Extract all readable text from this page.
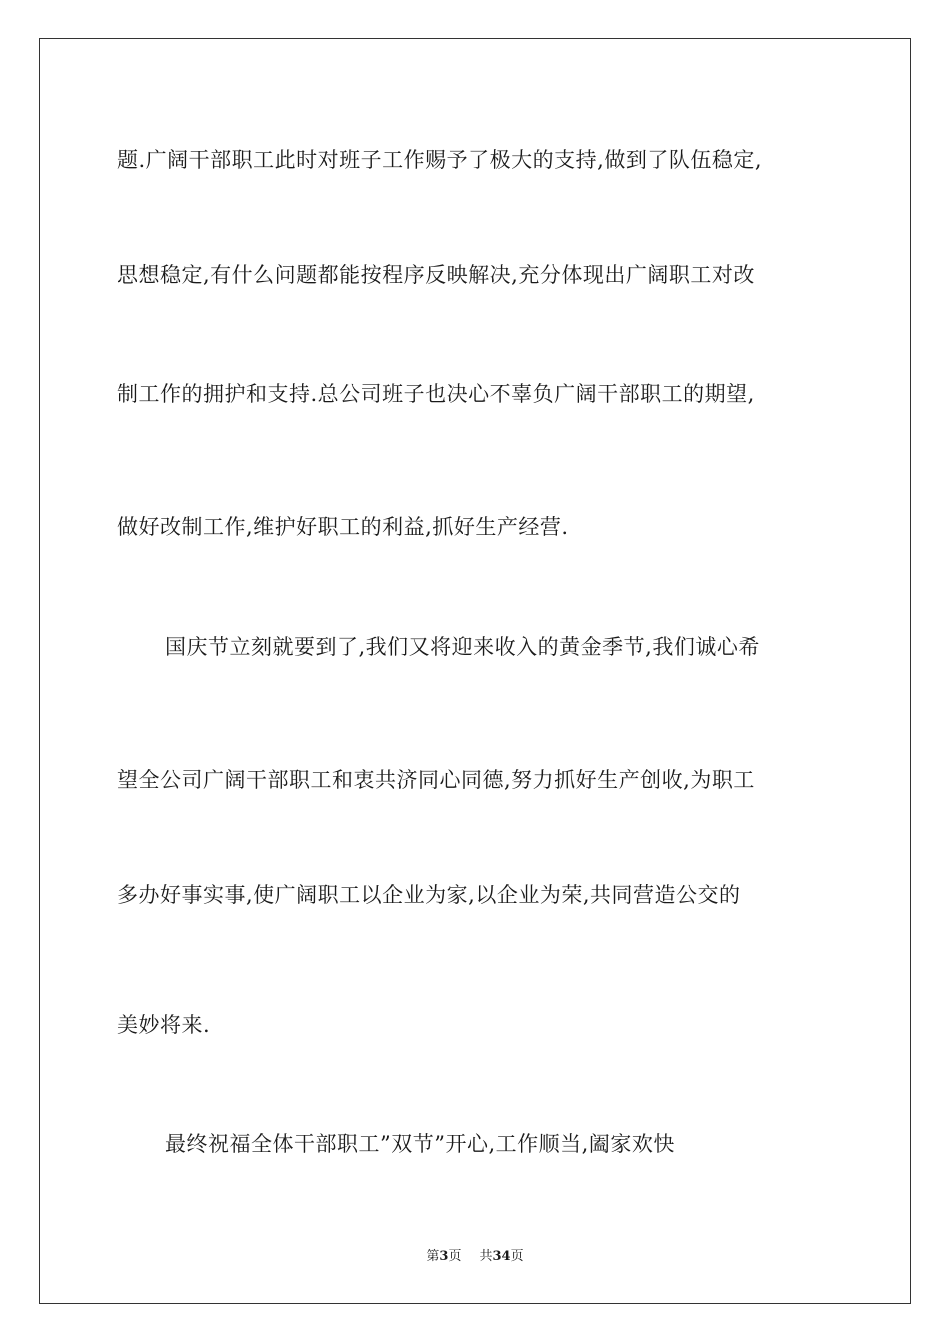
题.广阔干部职工此时对班子工作赐予了极大的支持,做到了队伍稳定,
思想稳定,有什么问题都能按程序反映解决,充分体现出广阔职工对改
制工作的拥护和支持.总公司班子也决心不辜负广阔干部职工的期望,
做好改制工作,维护好职工的利益,抓好生产经营.
国庆节立刻就要到了,我们又将迎来收入的黄金季节,我们诚心希
望全公司广阔干部职工和衷共济同心同德,努力抓好生产创收,为职工
多办好事实事,使广阔职工以企业为家,以企业为荣,共同营造公交的
美妙将来.
最终祝福全体干部职工”双节”开心,工作顺当,阖家欢快
第3页 共34页
